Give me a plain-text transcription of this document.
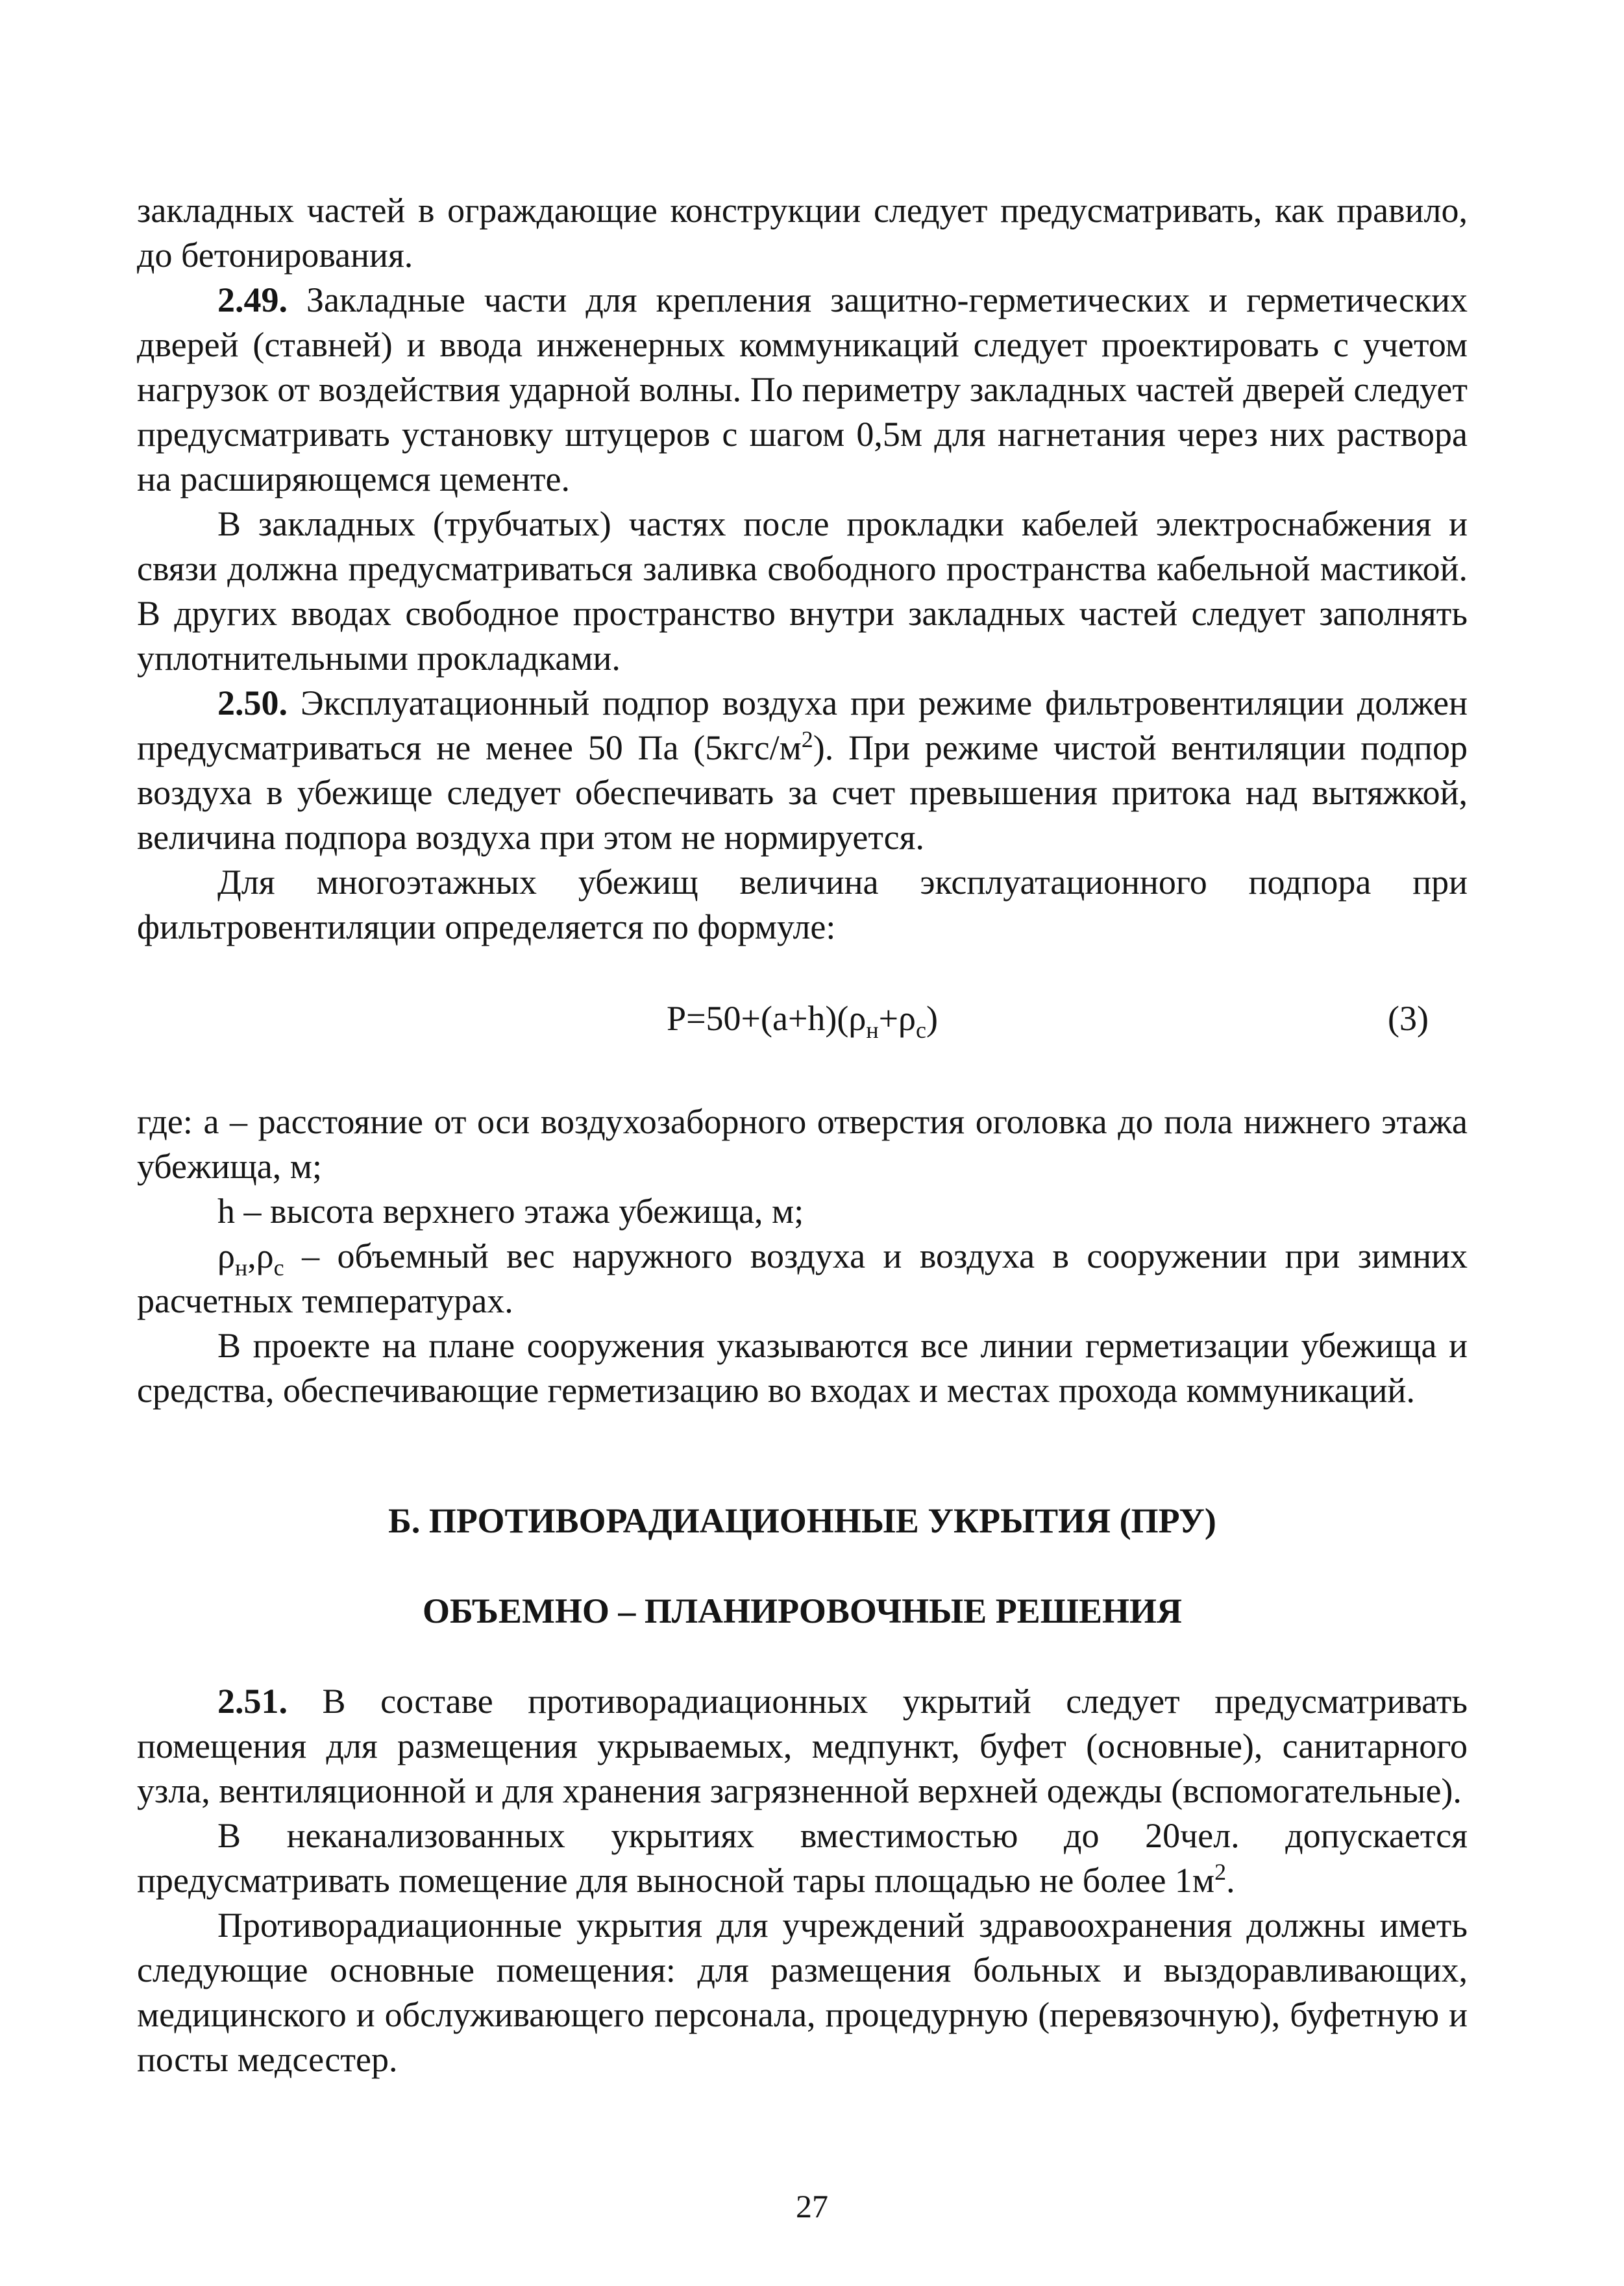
закладных частей в ограждающие конструкции следует предусматривать, как правило, до бетонирования.

2.49. Закладные части для крепления защитно-герметических и герметических дверей (ставней) и ввода инженерных коммуникаций следует проектировать с учетом нагрузок от воздействия ударной волны. По периметру закладных частей дверей следует предусматривать установку штуцеров с шагом 0,5м для нагнетания через них раствора на расширяющемся цементе.

В закладных (трубчатых) частях после прокладки кабелей электроснабжения и связи должна предусматриваться заливка свободного пространства кабельной мастикой. В других вводах свободное пространство внутри закладных частей следует заполнять уплотнительными прокладками.

2.50. Эксплуатационный подпор воздуха при режиме фильтровентиляции должен предусматриваться не менее 50 Па $(5кгс/м^2)$. При режиме чистой вентиляции подпор воздуха в убежище следует обеспечивать за счет превышения притока над вытяжкой, величина подпора воздуха при этом не нормируется.

Для многоэтажных убежищ величина эксплуатационного подпора при фильтровентиляции определяется по формуле:

$P=50+(a+h)(\rho_н+\rho_с)$	(3)

где: а – расстояние от оси воздухозаборного отверстия оголовка до пола нижнего этажа убежища, м;

h – высота верхнего этажа убежища, м;

$\rho_н,\rho_с$ – объемный вес наружного воздуха и воздуха в сооружении при зимних расчетных температурах.

В проекте на плане сооружения указываются все линии герметизации убежища и средства, обеспечивающие герметизацию во входах и местах прохода коммуникаций.

Б. ПРОТИВОРАДИАЦИОННЫЕ УКРЫТИЯ (ПРУ)
ОБЪЕМНО – ПЛАНИРОВОЧНЫЕ РЕШЕНИЯ

2.51. В составе противорадиационных укрытий следует предусматривать помещения для размещения укрываемых, медпункт, буфет (основные), санитарного узла, вентиляционной и для хранения загрязненной верхней одежды (вспомогательные).

В неканализованных укрытиях вместимостью до 20чел. допускается предусматривать помещение для выносной тары площадью не более $1м^2$.

Противорадиационные укрытия для учреждений здравоохранения должны иметь следующие основные помещения: для размещения больных и выздоравливающих, медицинского и обслуживающего персонала, процедурную (перевязочную), буфетную и посты медсестер.

27
